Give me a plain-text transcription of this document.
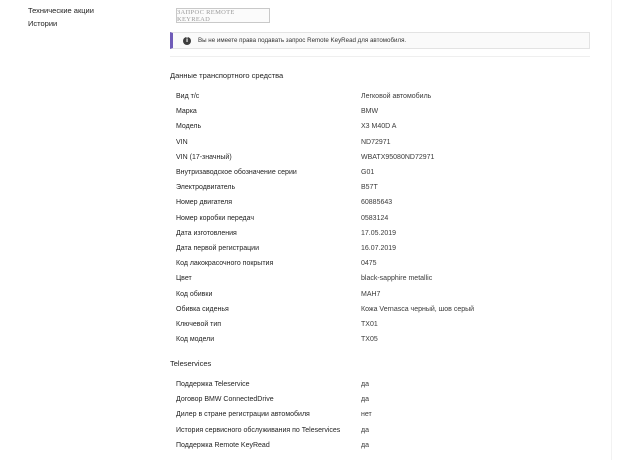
Технические акции
Истории
ЗАПРОС REMOTE KEYREAD
i	Вы не имеете права подавать запрос Remote KeyRead для автомобиля.
Данные транспортного средства
Вид т/с	Легковой автомобиль
Марка	BMW
Модель	X3 M40D A
VIN	ND72971
VIN (17-значный)	WBATX95080ND72971
Внутризаводское обозначение серии	G01
Электродвигатель	B57T
Номер двигателя	60885643
Номер коробки передач	0583124
Дата изготовления	17.05.2019
Дата первой регистрации	16.07.2019
Код лакокрасочного покрытия	0475
Цвет	black-sapphire metallic
Код обивки	MAH7
Обивка сиденья	Кожа Vernasca черный, шов серый
Ключевой тип	TX01
Код модели	TX05
Teleservices
Поддержка Teleservice	да
Договор BMW ConnectedDrive	да
Дилер в стране регистрации автомобиля	нет
История сервисного обслуживания по Teleservices	да
Поддержка Remote KeyRead	да
